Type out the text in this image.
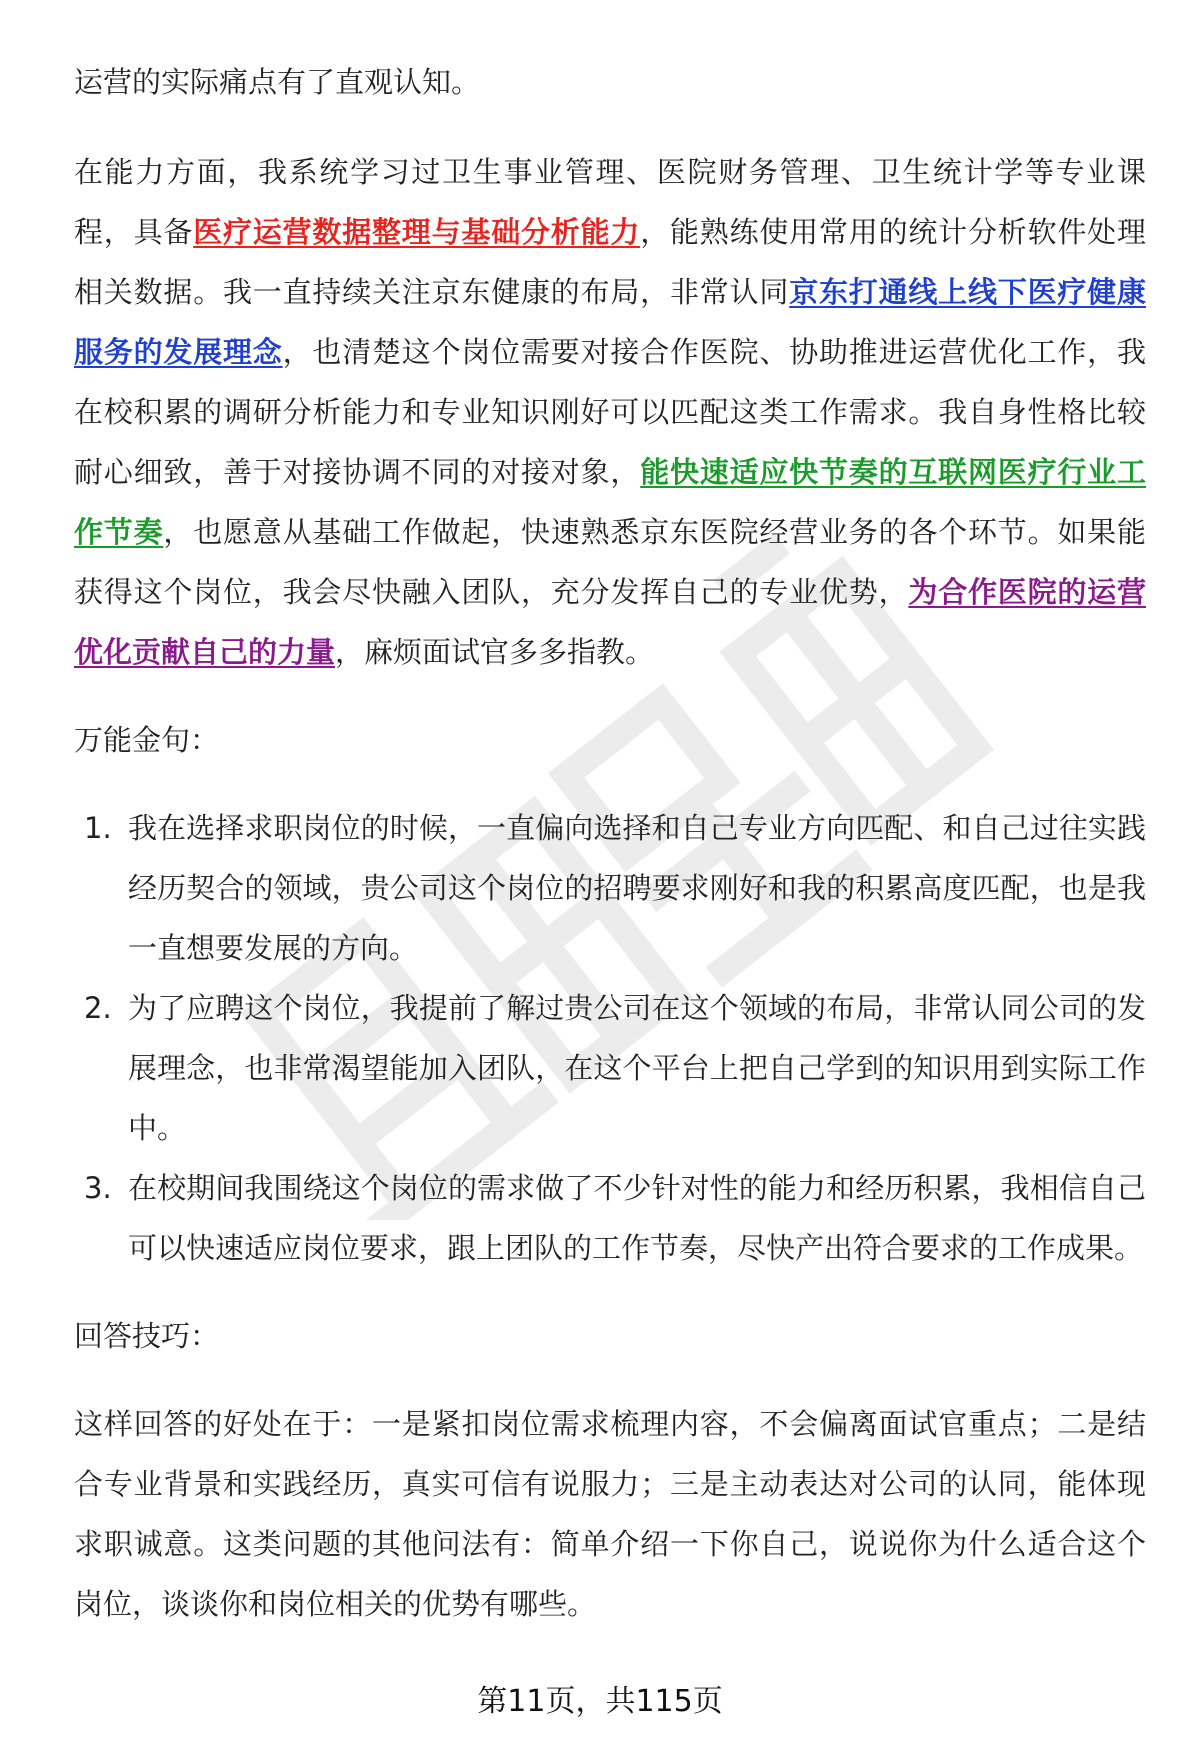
运营的实际痛点有了直观认知。

在能力方面，我系统学习过卫生事业管理、医院财务管理、卫生统计学等专业课程，具备医疗运营数据整理与基础分析能力，能熟练使用常用的统计分析软件处理相关数据。我一直持续关注京东健康的布局，非常认同京东打通线上线下医疗健康服务的发展理念，也清楚这个岗位需要对接合作医院、协助推进运营优化工作，我在校积累的调研分析能力和专业知识刚好可以匹配这类工作需求。我自身性格比较耐心细致，善于对接协调不同的对接对象，能快速适应快节奏的互联网医疗行业工作节奏，也愿意从基础工作做起，快速熟悉京东医院经营业务的各个环节。如果能获得这个岗位，我会尽快融入团队，充分发挥自己的专业优势，为合作医院的运营优化贡献自己的力量，麻烦面试官多多指教。

万能金句：

1. 我在选择求职岗位的时候，一直偏向选择和自己专业方向匹配、和自己过往实践经历契合的领域，贵公司这个岗位的招聘要求刚好和我的积累高度匹配，也是我一直想要发展的方向。
2. 为了应聘这个岗位，我提前了解过贵公司在这个领域的布局，非常认同公司的发展理念，也非常渴望能加入团队，在这个平台上把自己学到的知识用到实际工作中。
3. 在校期间我围绕这个岗位的需求做了不少针对性的能力和经历积累，我相信自己可以快速适应岗位要求，跟上团队的工作节奏，尽快产出符合要求的工作成果。

回答技巧：

这样回答的好处在于：一是紧扣岗位需求梳理内容，不会偏离面试官重点；二是结合专业背景和实践经历，真实可信有说服力；三是主动表达对公司的认同，能体现求职诚意。这类问题的其他问法有：简单介绍一下你自己，说说你为什么适合这个岗位，谈谈你和岗位相关的优势有哪些。

第11页，共115页
